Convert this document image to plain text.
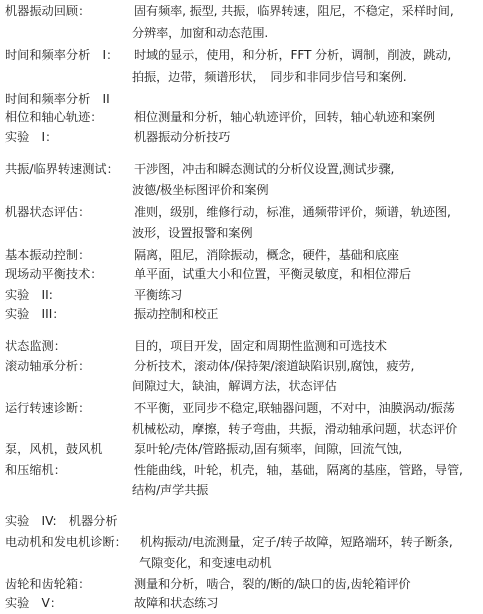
机器振动回顾：	固有频率, 振型, 共振，临界转速，阻尼，不稳定，采样时间,
分辨率，加窗和动态范围.
时间和频率分析　I： 时域的显示，使用，和分析，FFT 分析，调制，削波，跳动,
拍振，边带，频谱形状，　同步和非同步信号和案例.
时间和频率分析　II
相位和轴心轨迹：	相位测量和分析，轴心轨迹评价，回转，轴心轨迹和案例
实验　I：	机器振动分析技巧
共振/临界转速测试： 干涉图，冲击和瞬态测试的分析仪设置,测试步骤,
波德/极坐标图评价和案例
机器状态评估：	准则，级别，维修行动，标准，通频带评价，频谱，轨迹图,
波形，设置报警和案例
基本振动控制：	隔离，阻尼，消除振动，概念，硬件，基础和底座
现场动平衡技术：	单平面，试重大小和位置，平衡灵敏度，和相位滞后
实验　II:	平衡练习
实验　III：	振动控制和校正
状态监测：	目的，项目开发，固定和周期性监测和可选技术
滚动轴承分析：	分析技术，滚动体/保持架/滚道缺陷识别,腐蚀，疲劳,
间隙过大，缺油，解调方法，状态评估
运行转速诊断：	不平衡，亚同步不稳定,联轴器问题，不对中，油膜涡动/振荡
机械松动，摩擦，转子弯曲，共振，滑动轴承问题，状态评价
泵，风机，鼓风机	泵叶轮/壳体/管路振动,固有频率，间隙，回流气蚀,
和压缩机：	性能曲线，叶轮，机壳，轴，基础，隔离的基座，管路，导管,
结构/声学共振
实验　IV:　机器分析
电动机和发电机诊断： 机构振动/电流测量，定子/转子故障，短路端环，转子断条,
气隙变化，和变速电动机
齿轮和齿轮箱：	测量和分析，啮合，裂的/断的/缺口的齿,齿轮箱评价
实验　V：	故障和状态练习
